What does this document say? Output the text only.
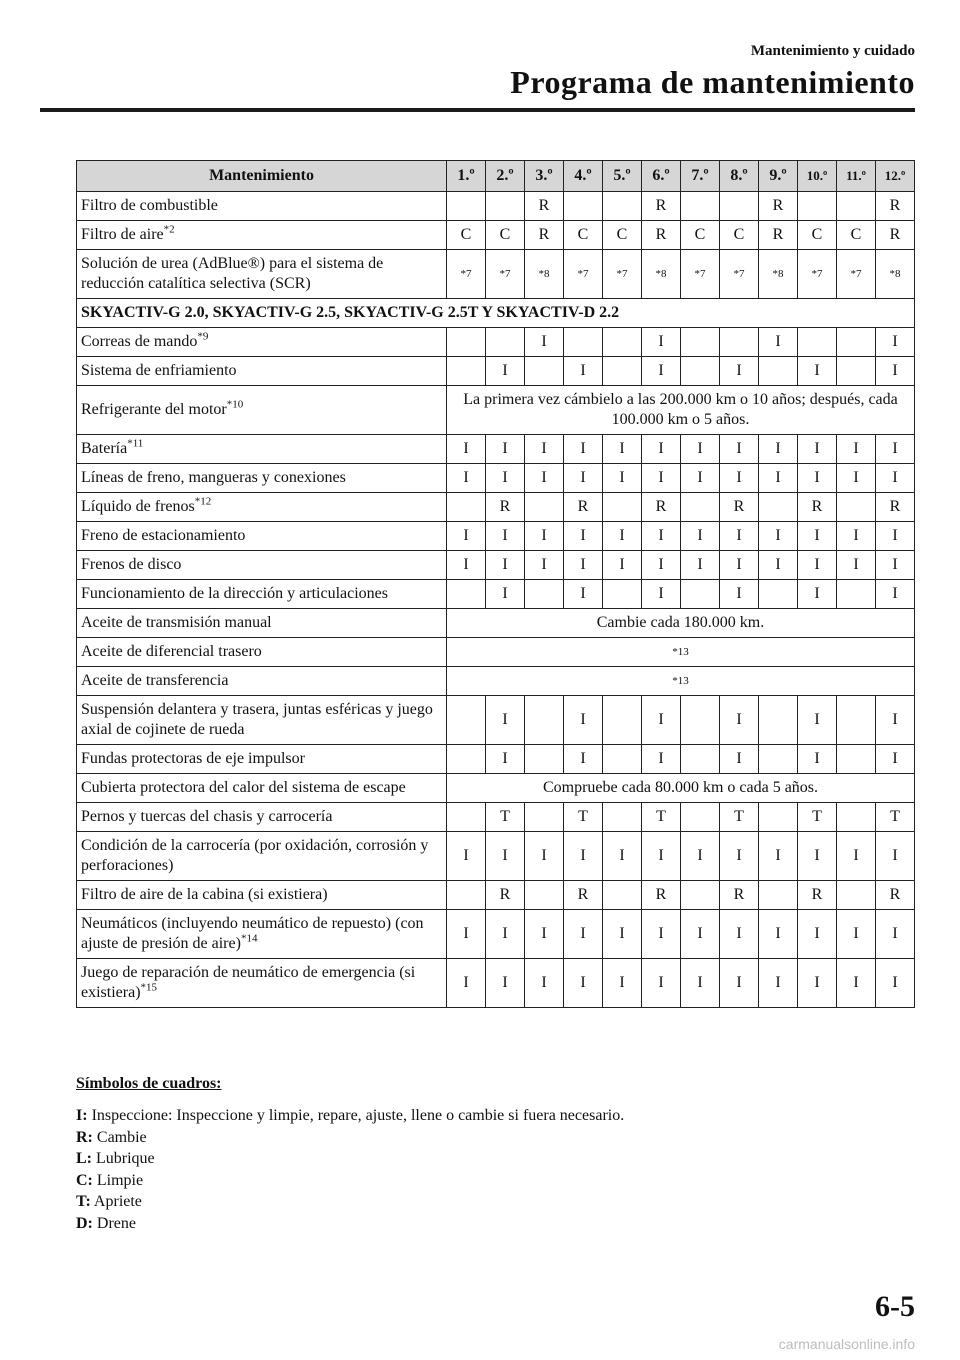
Mantenimiento y cuidado
Programa de mantenimiento
Mantenimiento	1.º	2.º	3.º	4.º	5.º	6.º	7.º	8.º	9.º	10.º	11.º	12.º
Filtro de combustible			R			R			R			R
Filtro de aire$^{*2}$	C	C	R	C	C	R	C	C	R	C	C	R
Solución de urea (AdBlue®) para el sistema de reducción catalítica selectiva (SCR)	*7	*7	*8	*7	*7	*8	*7	*7	*8	*7	*7	*8
SKYACTIV-G 2.0, SKYACTIV-G 2.5, SKYACTIV-G 2.5T Y SKYACTIV-D 2.2												
Correas de mando$^{*9}$			I			I			I			I
Sistema de enfriamiento		I		I		I		I		I		I
Refrigerante del motor$^{*10}$	La primera vez cámbielo a las 200.000 km o 10 años; después, cada 100.000 km o 5 años.											
Batería$^{*11}$	I	I	I	I	I	I	I	I	I	I	I	I
Líneas de freno, mangueras y conexiones	I	I	I	I	I	I	I	I	I	I	I	I
Líquido de frenos$^{*12}$		R		R		R		R		R		R
Freno de estacionamiento	I	I	I	I	I	I	I	I	I	I	I	I
Frenos de disco	I	I	I	I	I	I	I	I	I	I	I	I
Funcionamiento de la dirección y articulaciones		I		I		I		I		I		I
Aceite de transmisión manual	Cambie cada 180.000 km.											
Aceite de diferencial trasero	*13											
Aceite de transferencia	*13											
Suspensión delantera y trasera, juntas esféricas y juego axial de cojinete de rueda		I		I		I		I		I		I
Fundas protectoras de eje impulsor		I		I		I		I		I		I
Cubierta protectora del calor del sistema de escape	Compruebe cada 80.000 km o cada 5 años.											
Pernos y tuercas del chasis y carrocería		T		T		T		T		T		T
Condición de la carrocería (por oxidación, corrosión y perforaciones)	I	I	I	I	I	I	I	I	I	I	I	I
Filtro de aire de la cabina (si existiera)		R		R		R		R		R		R
Neumáticos (incluyendo neumático de repuesto) (con ajuste de presión de aire)$^{*14}$	I	I	I	I	I	I	I	I	I	I	I	I
Juego de reparación de neumático de emergencia (si existiera)$^{*15}$	I	I	I	I	I	I	I	I	I	I	I	I
Símbolos de cuadros:
I: Inspeccione: Inspeccione y limpie, repare, ajuste, llene o cambie si fuera necesario.
R: Cambie
L: Lubrique
C: Limpie
T: Apriete
D: Drene
6-5
carmanualsonline.info
